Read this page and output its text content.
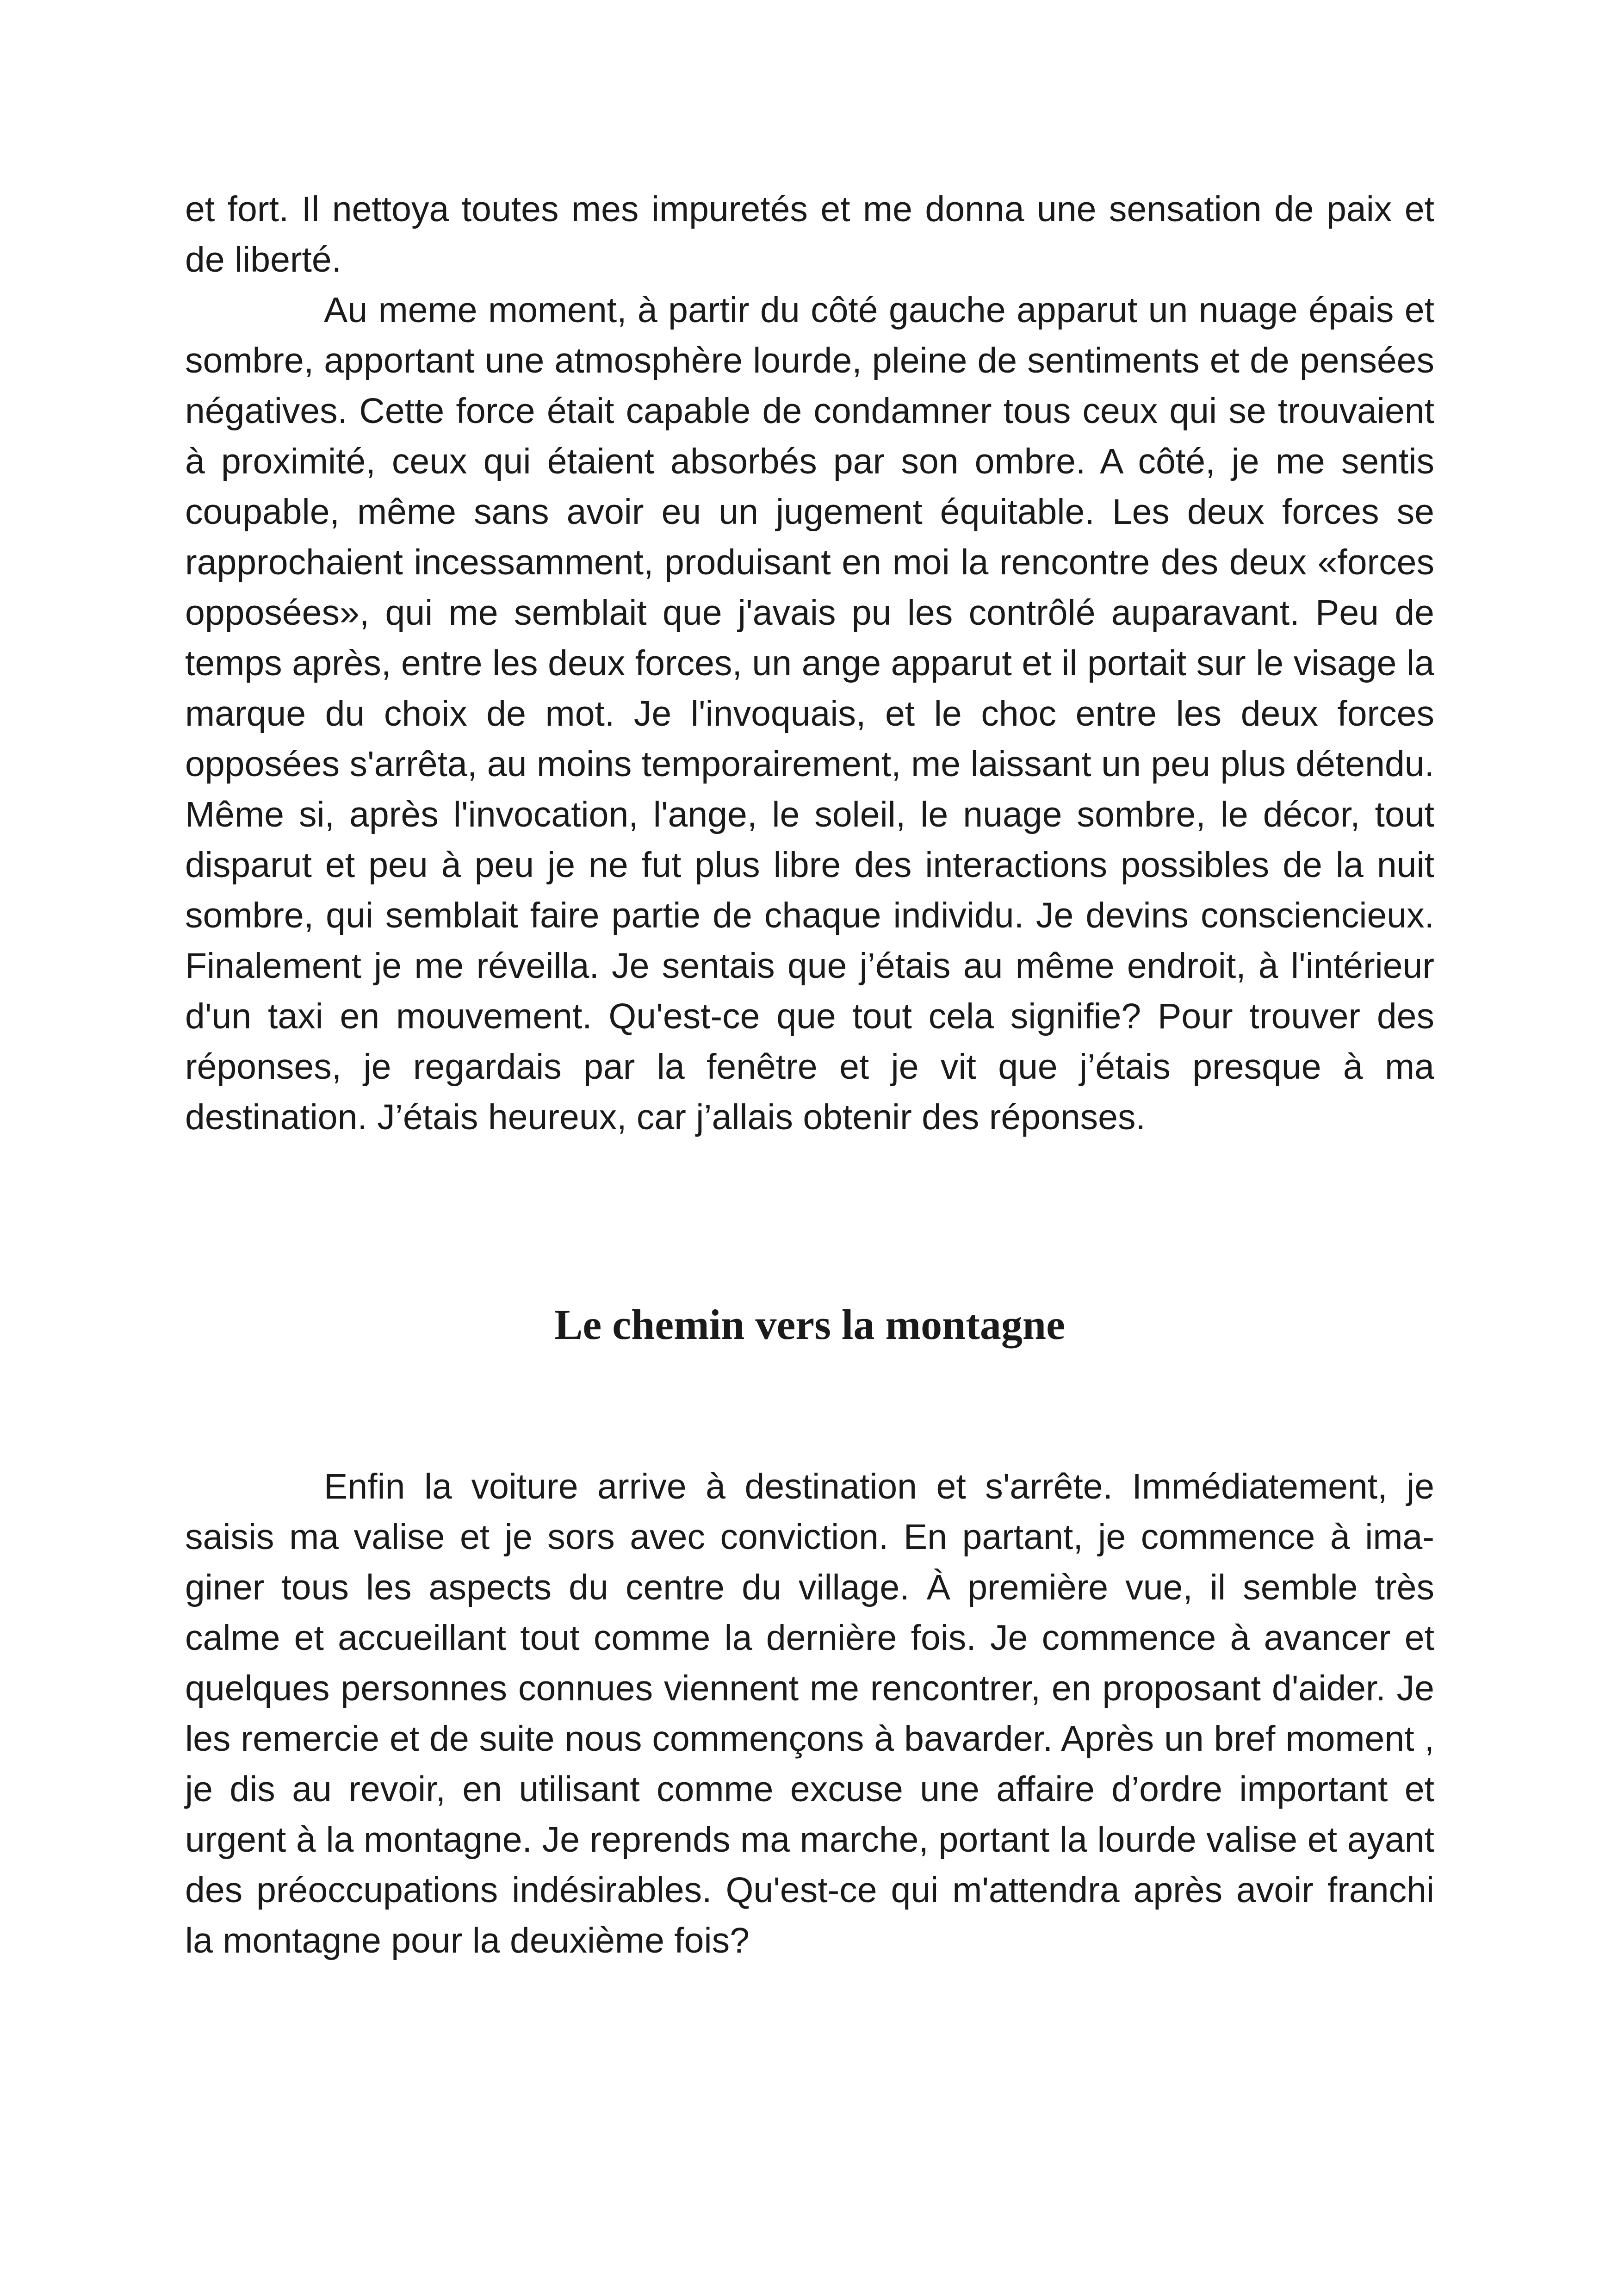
et fort. Il nettoya toutes mes impuretés et me donna une sensation de paix et de liberté.

Au meme moment, à partir du côté gauche apparut un nuage épais et sombre, apportant une atmosphère lourde, pleine de sentiments et de pensées négatives. Cette force était capable de condamner tous ceux qui se trouvaient à proximité, ceux qui étaient absorbés par son ombre. A côté, je me sentis coupable, même sans avoir eu un jugement équitable. Les deux forces se rapprochaient incessamment, produisant en moi la rencontre des deux «forces opposées», qui me semblait que j'avais pu les contrôlé auparavant. Peu de temps après, entre les deux forces, un ange apparut et il portait sur le visage la marque du choix de mot. Je l'invoquais, et le choc entre les deux forces opposées s'arrêta, au moins temporairement, me laissant un peu plus détendu. Même si, après l'invocation, l'ange, le soleil, le nuage sombre, le décor, tout disparut et peu à peu je ne fut plus libre des interactions possibles de la nuit sombre, qui semblait faire partie de chaque individu. Je devins consciencieux. Finalement je me réveilla. Je sentais que j’étais au même endroit, à l'intérieur d'un taxi en mouvement. Qu'est-ce que tout cela signifie? Pour trouver des réponses, je regardais par la fenêtre et je vit que j’étais presque à ma destination. J’étais heureux, car j’allais obtenir des réponses.

Le chemin vers la montagne

Enfin la voiture arrive à destination et s'arrête. Immédiatement, je saisis ma valise et je sors avec conviction. En partant, je commence à imaginer tous les aspects du centre du village. À première vue, il semble très calme et accueillant tout comme la dernière fois. Je commence à avancer et quelques personnes connues viennent me rencontrer, en proposant d'aider. Je les remercie et de suite nous commençons à bavarder. Après un bref moment , je dis au revoir, en utilisant comme excuse une affaire d’ordre important et urgent à la montagne. Je reprends ma marche, portant la lourde valise et ayant des préoccupations indésirables. Qu'est-ce qui m'attendra après avoir franchi la montagne pour la deuxième fois?
